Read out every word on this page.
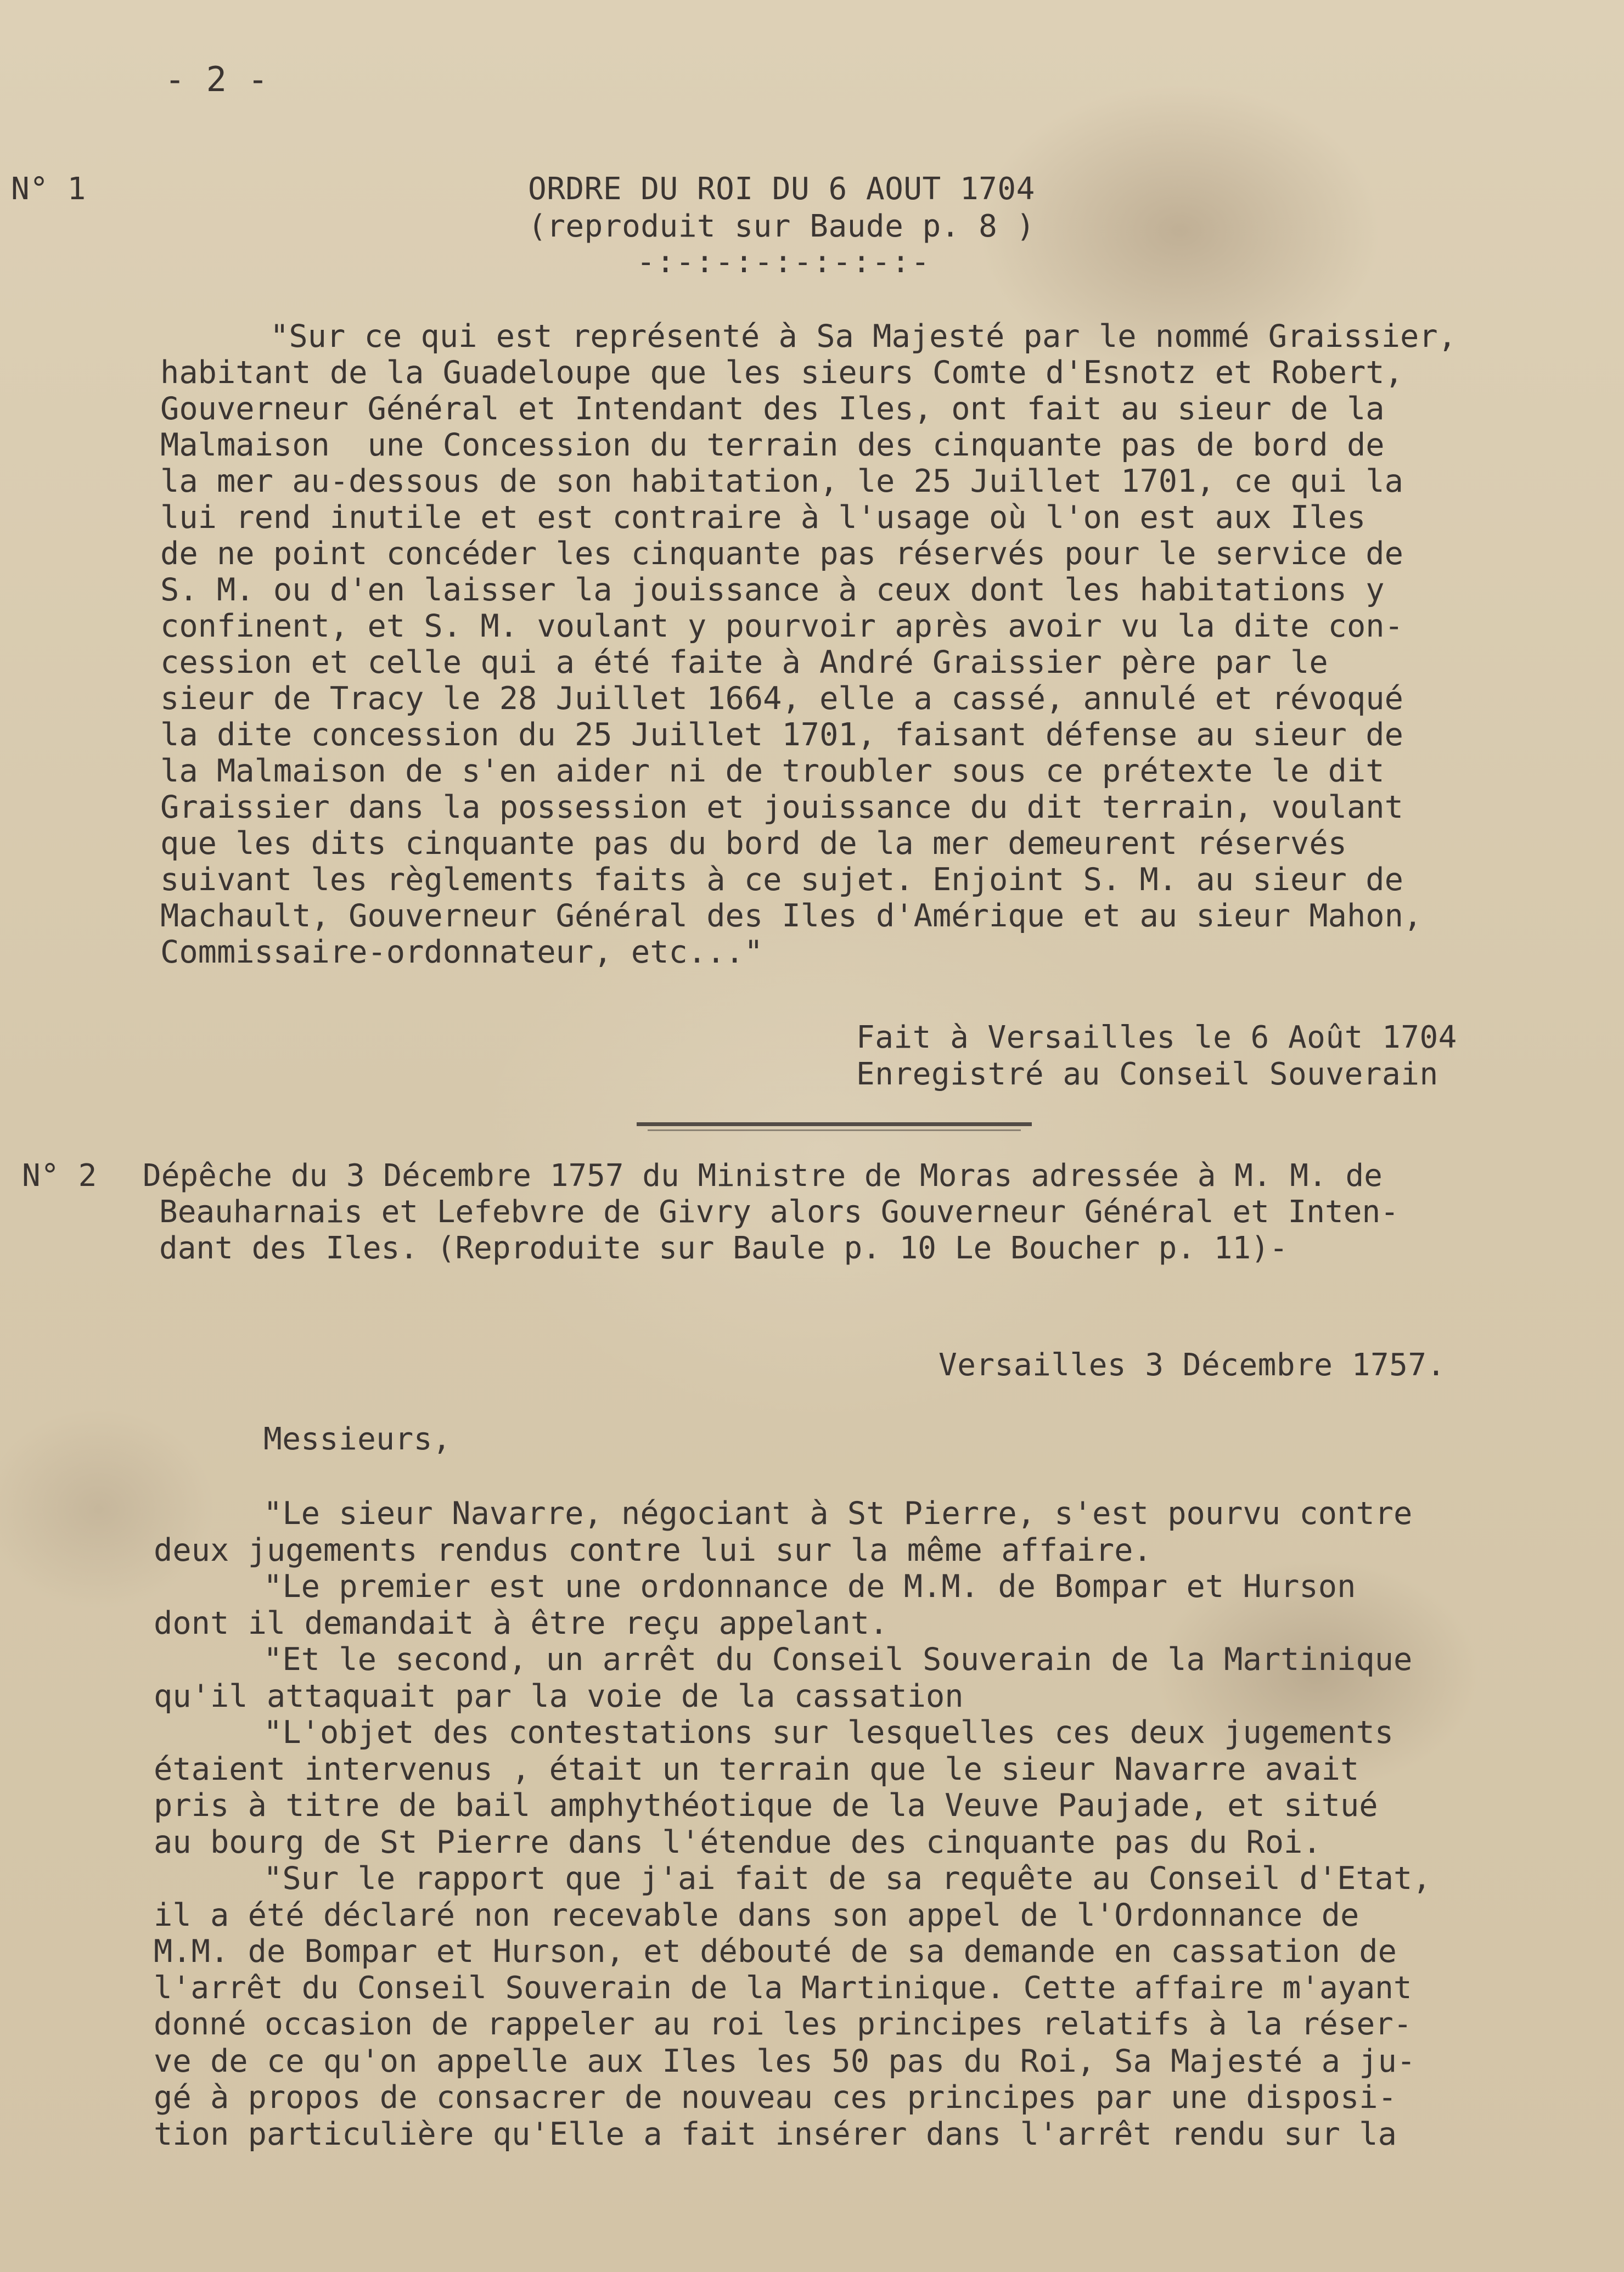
- 2 -
N° 1	ORDRE DU ROI DU 6 AOUT 1704
(reproduit sur Baude p. 8 )
-:-:-:-:-:-:-:-
"Sur ce qui est représenté à Sa Majesté par le nommé Graissier,
habitant de la Guadeloupe que les sieurs Comte d'Esnotz et Robert,
Gouverneur Général et Intendant des Iles, ont fait au sieur de la
Malmaison  une Concession du terrain des cinquante pas de bord de
la mer au-dessous de son habitation, le 25 Juillet 1701, ce qui la
lui rend inutile et est contraire à l'usage où l'on est aux Iles
de ne point concéder les cinquante pas réservés pour le service de
S. M. ou d'en laisser la jouissance à ceux dont les habitations y
confinent, et S. M. voulant y pourvoir après avoir vu la dite con-
cession et celle qui a été faite à André Graissier père par le
sieur de Tracy le 28 Juillet 1664, elle a cassé, annulé et révoqué
la dite concession du 25 Juillet 1701, faisant défense au sieur de
la Malmaison de s'en aider ni de troubler sous ce prétexte le dit
Graissier dans la possession et jouissance du dit terrain, voulant
que les dits cinquante pas du bord de la mer demeurent réservés
suivant les règlements faits à ce sujet. Enjoint S. M. au sieur de
Machault, Gouverneur Général des Iles d'Amérique et au sieur Mahon,
Commissaire-ordonnateur, etc..."
Fait à Versailles le 6 Août 1704
Enregistré au Conseil Souverain
N° 2 Dépêche du 3 Décembre 1757 du Ministre de Moras adressée à M. M. de
Beauharnais et Lefebvre de Givry alors Gouverneur Général et Inten-
dant des Iles. (Reproduite sur Baule p. 10 Le Boucher p. 11)-
Versailles 3 Décembre 1757.
Messieurs,
"Le sieur Navarre, négociant à St Pierre, s'est pourvu contre
deux jugements rendus contre lui sur la même affaire.
"Le premier est une ordonnance de M.M. de Bompar et Hurson
dont il demandait à être reçu appelant.
"Et le second, un arrêt du Conseil Souverain de la Martinique
qu'il attaquait par la voie de la cassation
"L'objet des contestations sur lesquelles ces deux jugements
étaient intervenus , était un terrain que le sieur Navarre avait
pris à titre de bail amphythéotique de la Veuve Paujade, et situé
au bourg de St Pierre dans l'étendue des cinquante pas du Roi.
"Sur le rapport que j'ai fait de sa requête au Conseil d'Etat,
il a été déclaré non recevable dans son appel de l'Ordonnance de
M.M. de Bompar et Hurson, et débouté de sa demande en cassation de
l'arrêt du Conseil Souverain de la Martinique. Cette affaire m'ayant
donné occasion de rappeler au roi les principes relatifs à la réser-
ve de ce qu'on appelle aux Iles les 50 pas du Roi, Sa Majesté a ju-
gé à propos de consacrer de nouveau ces principes par une disposi-
tion particulière qu'Elle a fait insérer dans l'arrêt rendu sur la
